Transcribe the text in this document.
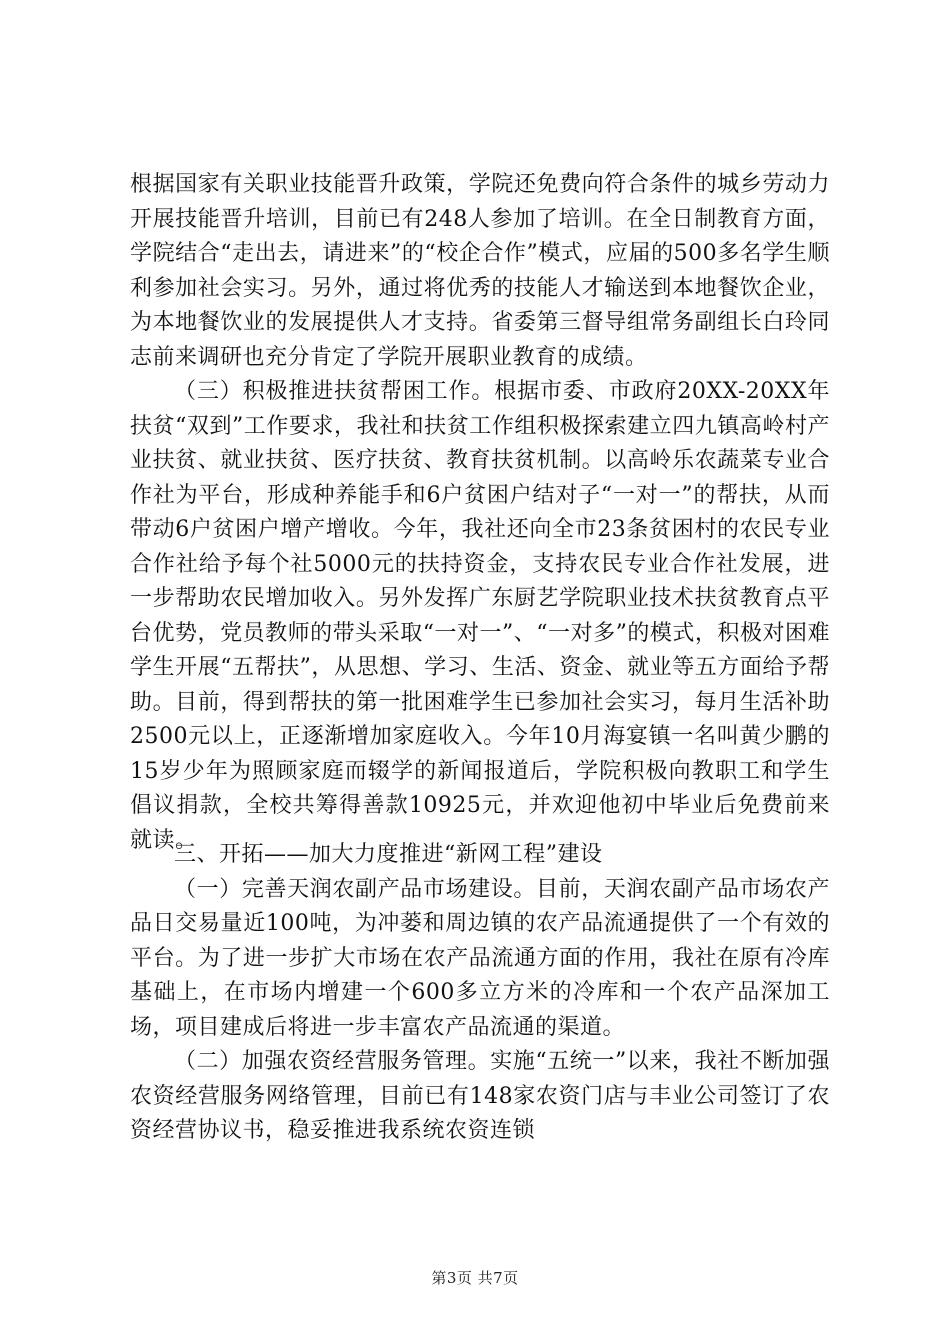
根据国家有关职业技能晋升政策，学院还免费向符合条件的城乡劳动力开展技能晋升培训，目前已有248人参加了培训。在全日制教育方面，学院结合“走出去，请进来”的“校企合作”模式，应届的500多名学生顺利参加社会实习。另外，通过将优秀的技能人才输送到本地餐饮企业，为本地餐饮业的发展提供人才支持。省委第三督导组常务副组长白玲同志前来调研也充分肯定了学院开展职业教育的成绩。

（三）积极推进扶贫帮困工作。根据市委、市政府20XX-20XX年扶贫“双到”工作要求，我社和扶贫工作组积极探索建立四九镇高岭村产业扶贫、就业扶贫、医疗扶贫、教育扶贫机制。以高岭乐农蔬菜专业合作社为平台，形成种养能手和6户贫困户结对子“一对一”的帮扶，从而带动6户贫困户增产增收。今年，我社还向全市23条贫困村的农民专业合作社给予每个社5000元的扶持资金，支持农民专业合作社发展，进一步帮助农民增加收入。另外发挥广东厨艺学院职业技术扶贫教育点平台优势，党员教师的带头采取“一对一”、“一对多”的模式，积极对困难学生开展“五帮扶”，从思想、学习、生活、资金、就业等五方面给予帮助。目前，得到帮扶的第一批困难学生已参加社会实习，每月生活补助2500元以上，正逐渐增加家庭收入。今年10月海宴镇一名叫黄少鹏的15岁少年为照顾家庭而辍学的新闻报道后，学院积极向教职工和学生倡议捐款，全校共筹得善款10925元，并欢迎他初中毕业后免费前来就读。

三、开拓——加大力度推进“新网工程”建设

（一）完善天润农副产品市场建设。目前，天润农副产品市场农产品日交易量近100吨，为冲蒌和周边镇的农产品流通提供了一个有效的平台。为了进一步扩大市场在农产品流通方面的作用，我社在原有冷库基础上，在市场内增建一个600多立方米的冷库和一个农产品深加工场，项目建成后将进一步丰富农产品流通的渠道。

（二）加强农资经营服务管理。实施“五统一”以来，我社不断加强农资经营服务网络管理，目前已有148家农资门店与丰业公司签订了农资经营协议书，稳妥推进我系统农资连锁

第3页 共7页
